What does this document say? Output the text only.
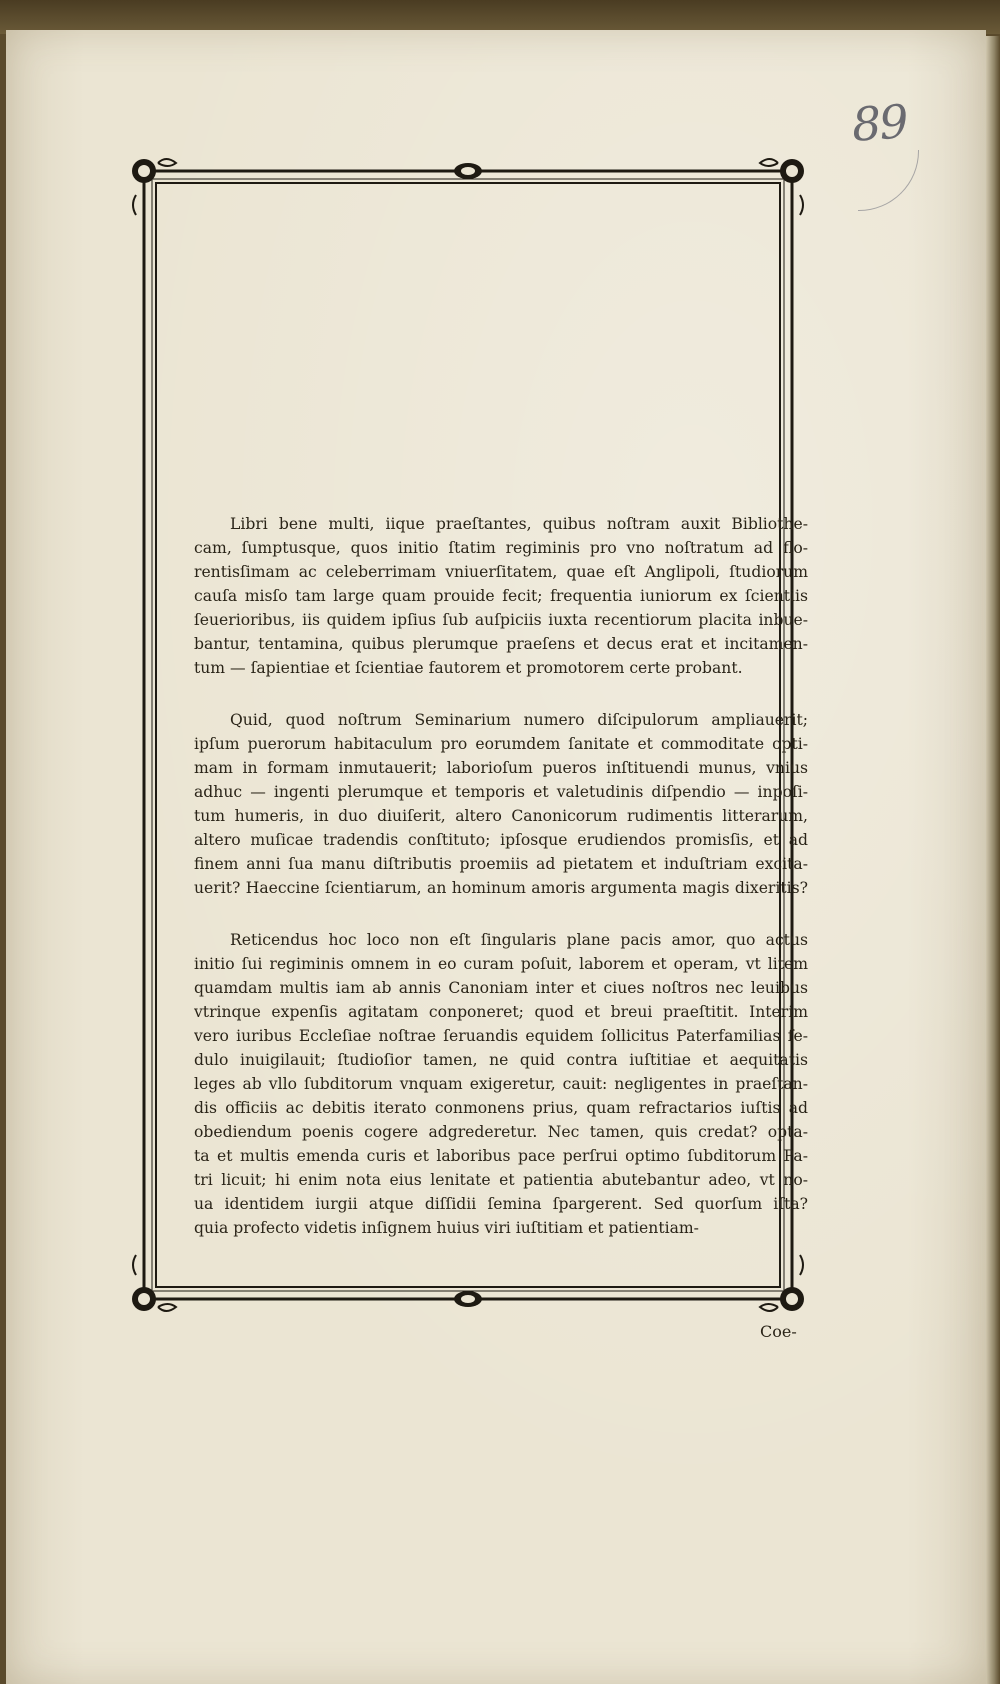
89
Libri bene multi, iique praeſtantes, quibus noſtram auxit Bibliothe-
cam, ſumptusque, quos initio ſtatim regiminis pro vno noſtratum ad flo-
rentisſimam ac celeberrimam vniuerſitatem, quae eſt Anglipoli, ſtudiorum
cauſa misſo tam large quam prouide fecit; frequentia iuniorum ex ſcientiis
ſeuerioribus, iis quidem ipſius ſub auſpiciis iuxta recentiorum placita inbue-
bantur, tentamina, quibus plerumque praeſens et decus erat et incitamen-
tum — ſapientiae et ſcientiae fautorem et promotorem certe probant.
Quid, quod noſtrum Seminarium numero diſcipulorum ampliauerit;
ipſum puerorum habitaculum pro eorumdem ſanitate et commoditate opti-
mam in formam inmutauerit; laborioſum pueros inſtituendi munus, vnius
adhuc — ingenti plerumque et temporis et valetudinis diſpendio — inpoſi-
tum humeris, in duo diuiſerit, altero Canonicorum rudimentis litterarum,
altero muſicae tradendis conſtituto; ipſosque erudiendos promisſis, et ad
finem anni ſua manu diſtributis proemiis ad pietatem et induſtriam excita-
uerit? Haeccine ſcientiarum, an hominum amoris argumenta magis dixeritis?
Reticendus hoc loco non eſt ſingularis plane pacis amor, quo actus
initio ſui regiminis omnem in eo curam poſuit, laborem et operam, vt litem
quamdam multis iam ab annis Canoniam inter et ciues noſtros nec leuibus
vtrinque expenſis agitatam conponeret; quod et breui praeſtitit. Interim
vero iuribus Eccleſiae noſtrae ſeruandis equidem ſollicitus Paterfamilias ſe-
dulo inuigilauit; ſtudioſior tamen, ne quid contra iuſtitiae et aequitatis
leges ab vllo ſubditorum vnquam exigeretur, cauit: negligentes in praeſtan-
dis officiis ac debitis iterato conmonens prius, quam refractarios iuſtis ad
obediendum poenis cogere adgrederetur. Nec tamen, quis credat? opta-
ta et multis emenda curis et laboribus pace perſrui optimo ſubditorum Pa-
tri licuit; hi enim nota eius lenitate et patientia abutebantur adeo, vt no-
ua identidem iurgii atque diſſidii ſemina ſpargerent. Sed quorſum iſta?
quia profecto videtis inſignem huius viri iuſtitiam et patientiam-
Coe-
